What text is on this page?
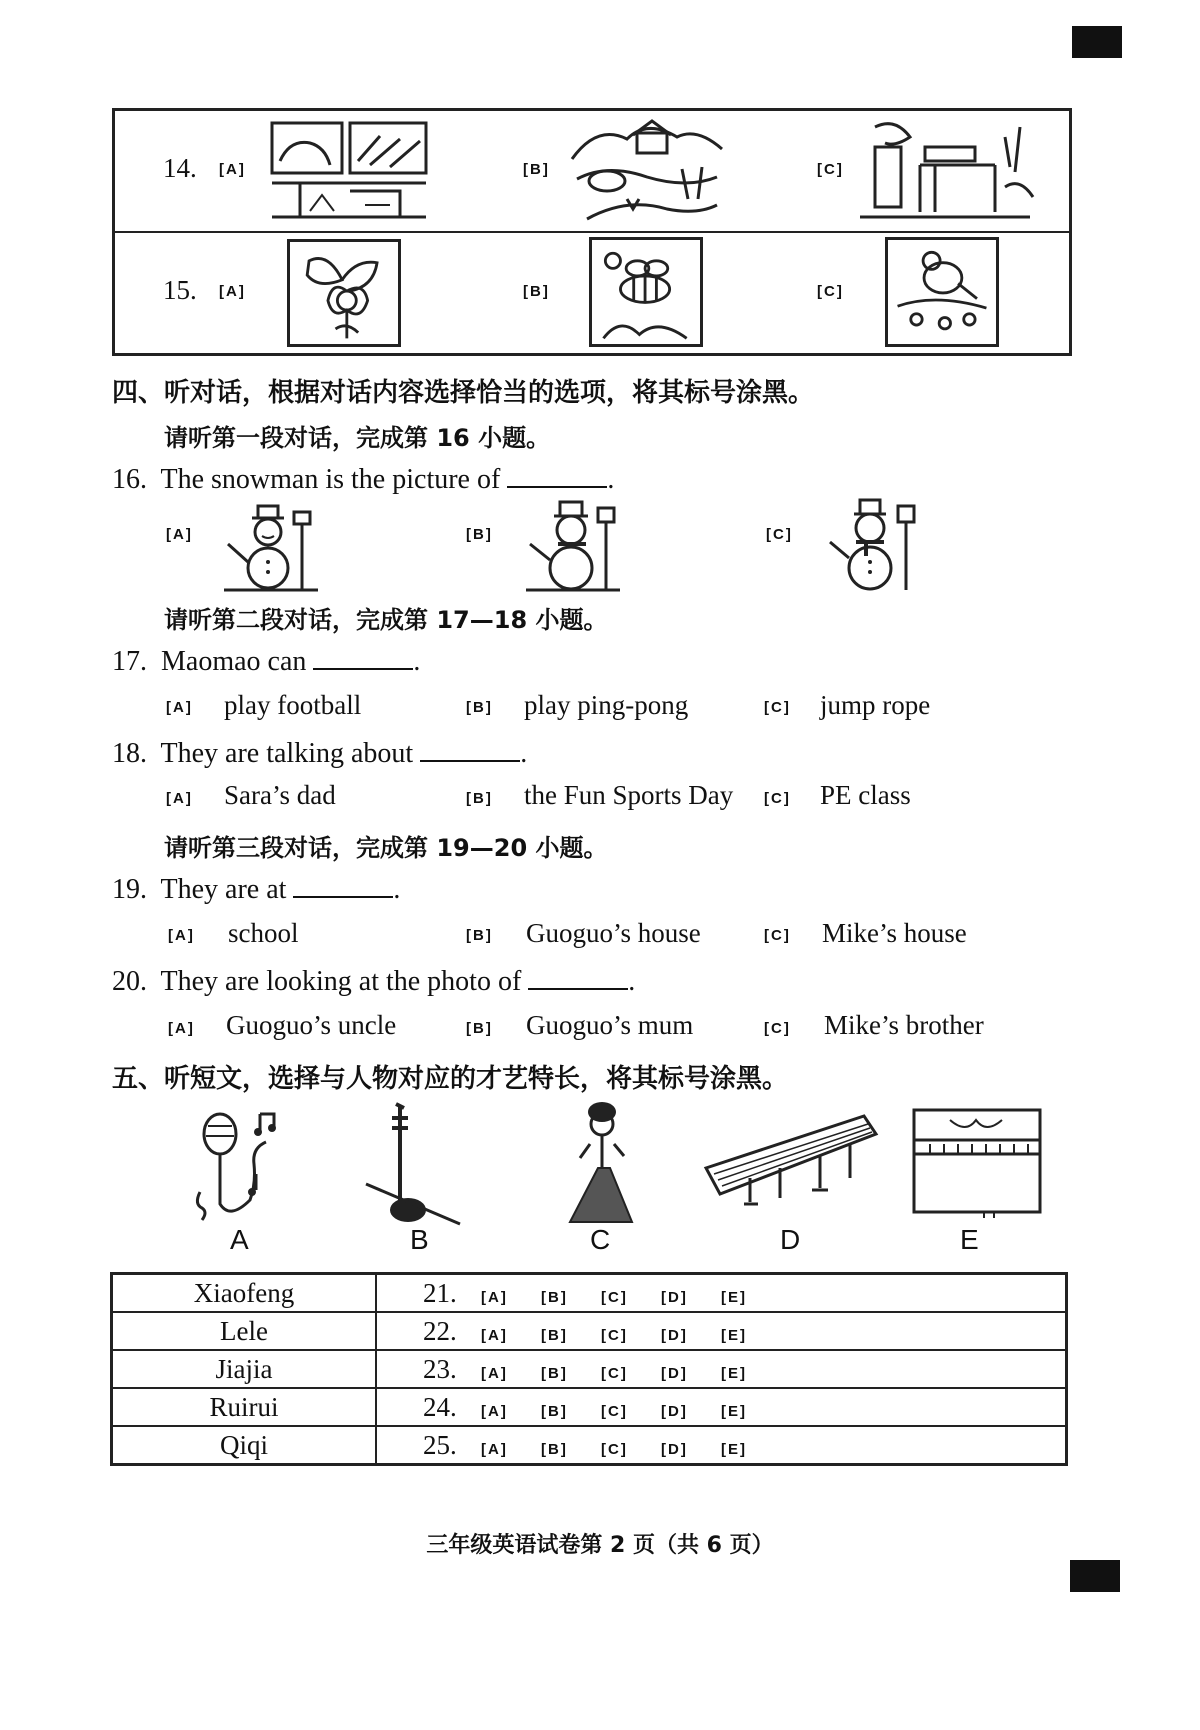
14. [A]	[B]	[C]
15. [A]	[B]	[C]
四、听对话，根据对话内容选择恰当的选项，将其标号涂黑。
请听第一段对话，完成第 16 小题。
16. The snowman is the picture of	.
[A]	[B]	[C]
请听第二段对话，完成第 17—18 小题。
17. Maomao can	.
[A] play football	[B] play ping-pong	[C] jump rope
18. They are talking about	.
[A] Sara’s dad	[B] the Fun Sports Day [C] PE class
请听第三段对话，完成第 19—20 小题。
19. They are at	.
[A] school	[B] Guoguo’s house	[C] Mike’s house
20. They are looking at the photo of	.
[A] Guoguo’s uncle	[B] Guoguo’s mum	[C] Mike’s brother
五、听短文，选择与人物对应的才艺特长，将其标号涂黑。
A	B	C	D	E
Xiaofeng	21. [A] [B] [C] [D] [E]
Lele	22. [A] [B] [C] [D] [E]
Jiajia	23. [A] [B] [C] [D] [E]
Ruirui	24. [A] [B] [C] [D] [E]
Qiqi	25. [A] [B] [C] [D] [E]
三年级英语试卷第 2 页（共 6 页）
